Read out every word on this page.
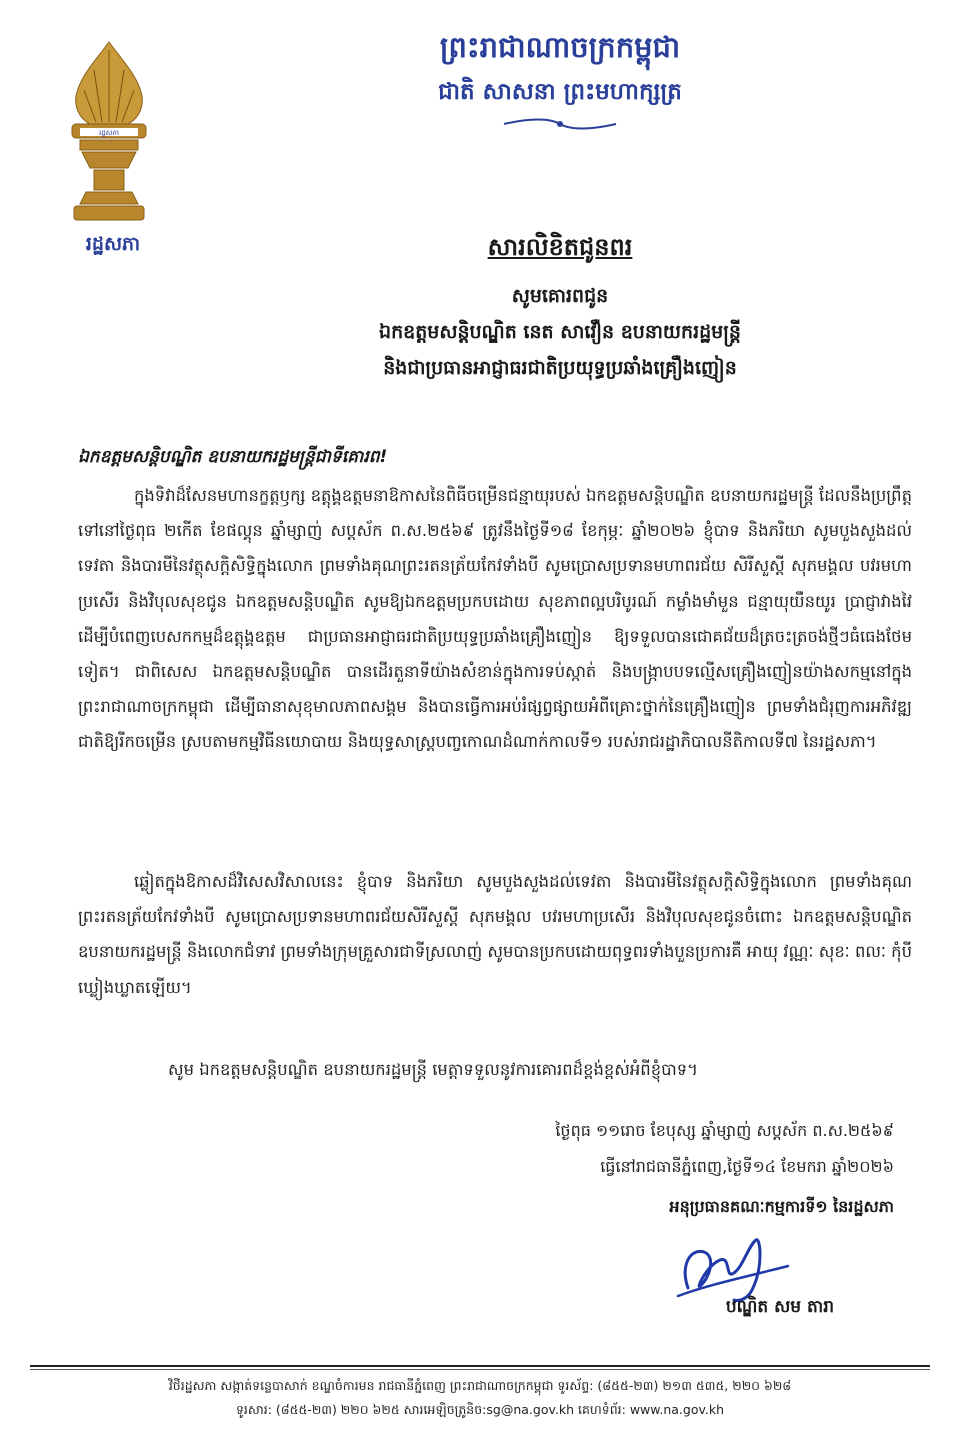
រដ្ឋសភា
រដ្ឋសភា
ព្រះរាជាណាចក្រកម្ពុជា
ជាតិ សាសនា ព្រះមហាក្សត្រ
សារលិខិតជូនពរ
សូមគោរពជូន
ឯកឧត្តមសន្តិបណ្ឌិត នេត សាវឿន ឧបនាយករដ្ឋមន្ត្រី
និងជាប្រធានអាជ្ញាធរជាតិប្រយុទ្ធប្រឆាំងគ្រឿងញៀន
ឯកឧត្តមសន្តិបណ្ឌិត ឧបនាយករដ្ឋមន្ត្រីជាទីគោរព!

ក្នុងទិវាដ៏សែនមហានក្ខត្តឫក្ស ឧត្តុង្គឧត្តមនាឱកាសនៃពិធីចម្រើនជន្មាយុរបស់ ឯកឧត្តមសន្តិបណ្ឌិត ឧបនាយករដ្ឋមន្ត្រី ដែលនឹងប្រព្រឹត្តទៅនៅថ្ងៃពុធ ២កើត ខែផល្គុន ឆ្នាំម្សាញ់ សប្តស័ក ព.ស.២៥៦៩ ត្រូវនឹងថ្ងៃទី១៨ ខែកុម្ភៈ ឆ្នាំ២០២៦ ខ្ញុំបាទ និងភរិយា សូមបួងសួងដល់ទេវតា និងបារមីនៃវត្ថុសក្តិសិទ្ធិក្នុងលោក ព្រមទាំងគុណព្រះរតនត្រ័យកែវទាំងបី សូមប្រោសប្រទានមហាពរជ័យ សិរីសួស្តី សុភមង្គល បវរមហាប្រសើរ និងវិបុលសុខជូន ឯកឧត្តមសន្តិបណ្ឌិត សូមឱ្យឯកឧត្តមប្រកបដោយ សុខភាពល្អបរិបូរណ៍ កម្លាំងមាំមួន ជន្មាយុយឺនយូរ ប្រាជ្ញាវាងវៃ ដើម្បីបំពេញបេសកកម្មដ៏ឧត្តុង្គឧត្តម ជាប្រធានអាជ្ញាធរជាតិប្រយុទ្ធប្រឆាំងគ្រឿងញៀន ឱ្យទទួលបានជោគជ័យដ៏ត្រចះត្រចង់ថ្មីៗធំធេងថែមទៀត។ ជាពិសេស ឯកឧត្តមសន្តិបណ្ឌិត បានដើរតួនាទីយ៉ាងសំខាន់ក្នុងការទប់ស្កាត់ និងបង្ក្រាបបទល្មើសគ្រឿងញៀនយ៉ាងសកម្មនៅក្នុងព្រះរាជាណាចក្រកម្ពុជា ដើម្បីធានាសុខុមាលភាពសង្គម និងបានធ្វើការអប់រំផ្សព្វផ្សាយអំពីគ្រោះថ្នាក់នៃគ្រឿងញៀន ព្រមទាំងជំរុញការអភិវឌ្ឍជាតិឱ្យរីកចម្រើន ស្របតាមកម្មវិធីនយោបាយ និងយុទ្ធសាស្ត្របញ្ចកោណដំណាក់កាលទី១ របស់រាជរដ្ឋាភិបាលនីតិកាលទី៧ នៃរដ្ឋសភា។

ឆ្លៀតក្នុងឱកាសដ៏វិសេសវិសាលនេះ ខ្ញុំបាទ និងភរិយា សូមបួងសួងដល់ទេវតា និងបារមីនៃវត្ថុសក្តិសិទ្ធិក្នុងលោក ព្រមទាំងគុណព្រះរតនត្រ័យកែវទាំងបី សូមប្រោសប្រទានមហាពរជ័យសិរីសួស្តី សុភមង្គល បវរមហាប្រសើរ និងវិបុលសុខជូនចំពោះ ឯកឧត្តមសន្តិបណ្ឌិត ឧបនាយករដ្ឋមន្ត្រី និងលោកជំទាវ ព្រមទាំងក្រុមគ្រួសារជាទីស្រលាញ់ សូមបានប្រកបដោយពុទ្ធពរទាំងបួនប្រការគឺ អាយុ វណ្ណៈ សុខៈ ពលៈ កុំបីឃ្លៀងឃ្លាតឡើយ។

សូម ឯកឧត្តមសន្តិបណ្ឌិត ឧបនាយករដ្ឋមន្ត្រី មេត្តាទទួលនូវការគោរពដ៏ខ្ពង់ខ្ពស់អំពីខ្ញុំបាទ។

ថ្ងៃពុធ ១១រោច ខែបុស្ស ឆ្នាំម្សាញ់ សប្តស័ក ព.ស.២៥៦៩
ធ្វើនៅរាជធានីភ្នំពេញ,ថ្ងៃទី១៤ ខែមករា ឆ្នាំ២០២៦
អនុប្រធានគណៈកម្មការទី១ នៃរដ្ឋសភា
បណ្ឌិត សម តារា
វិថីរដ្ឋសភា សង្កាត់ទន្លេបាសាក់ ខណ្ឌចំការមន រាជធានីភ្នំពេញ ព្រះរាជាណាចក្រកម្ពុជា ទូរស័ព្ទ: (៨៥៥-២៣) ២១៣ ៥៣៥, ២២០ ៦២៨
ទូរសារ: (៨៥៥-២៣) ២២០ ៦២៥ សារអេឡិចត្រូនិច:sg@na.gov.kh គេហទំព័រ: www.na.gov.kh
